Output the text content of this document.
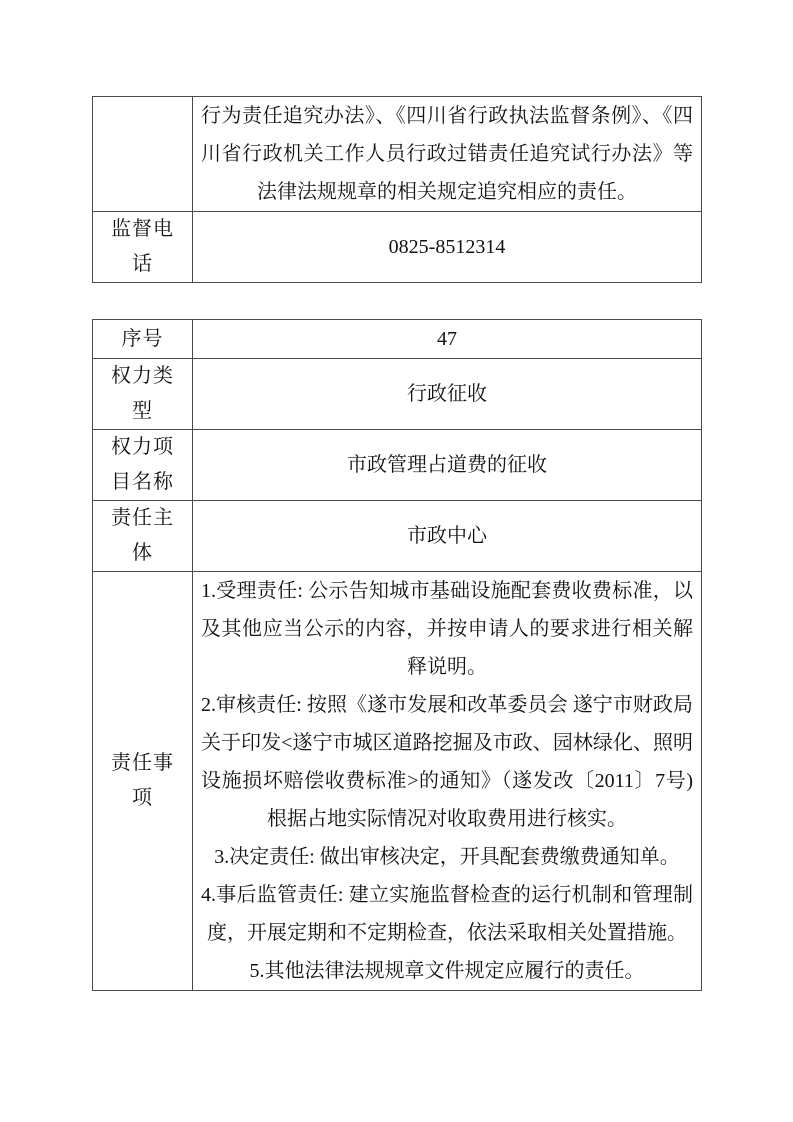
	行为责任追究办法》、《四川省行政执法监督条例》、《四川省行政机关工作人员行政过错责任追究试行办法》等法律法规规章的相关规定追究相应的责任。
监督电话	0825-8512314
序号	47
权力类型	行政征收
权力项目名称	市政管理占道费的征收
责任主体	市政中心
责任事项	1.受理责任: 公示告知城市基础设施配套费收费标准，以及其他应当公示的内容，并按申请人的要求进行相关解释说明。

2.审核责任: 按照《遂市发展和改革委员会 遂宁市财政局关于印发<遂宁市城区道路挖掘及市政、园林绿化、照明设施损坏赔偿收费标准>的通知》（遂发改〔2011〕7号)根据占地实际情况对收取费用进行核实。

3.决定责任: 做出审核决定，开具配套费缴费通知单。

4.事后监管责任: 建立实施监督检查的运行机制和管理制度，开展定期和不定期检查，依法采取相关处置措施。

5.其他法律法规规章文件规定应履行的责任。
